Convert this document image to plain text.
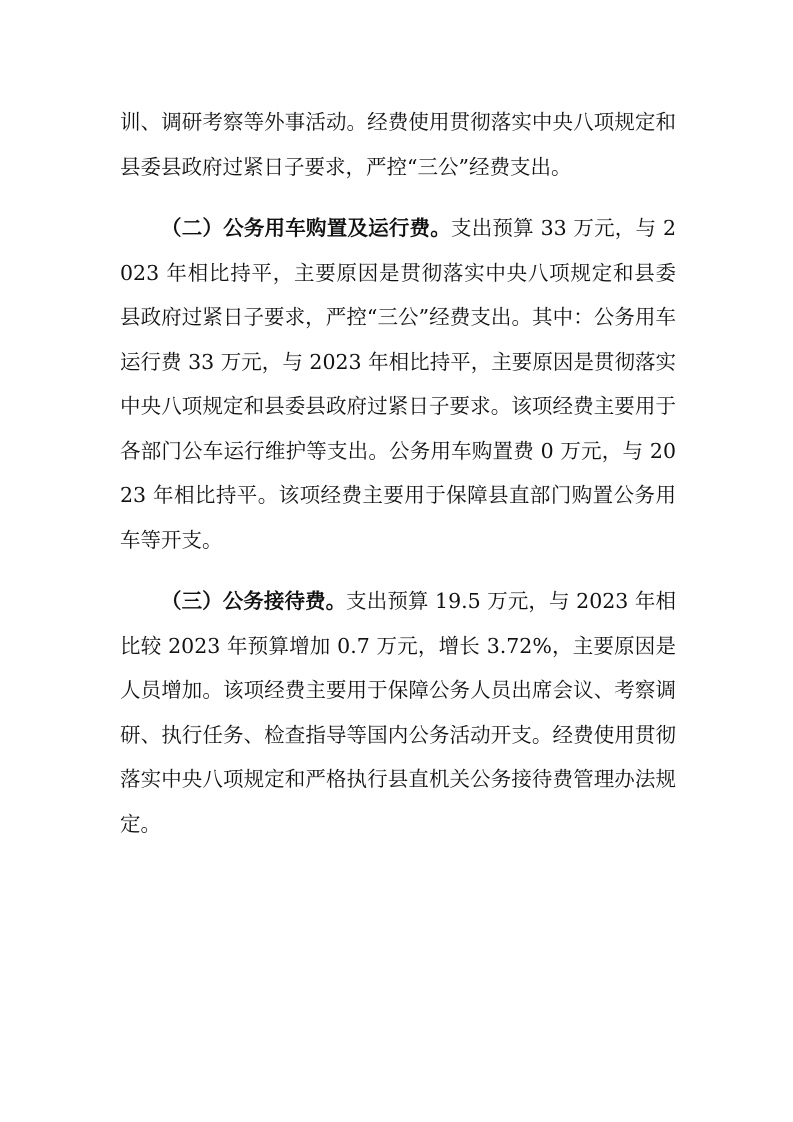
训、调研考察等外事活动。经费使用贯彻落实中央八项规定和县委县政府过紧日子要求，严控“三公”经费支出。

（二）公务用车购置及运行费。支出预算 33 万元，与 2023 年相比持平，主要原因是贯彻落实中央八项规定和县委县政府过紧日子要求，严控“三公”经费支出。其中：公务用车运行费 33 万元，与 2023 年相比持平，主要原因是贯彻落实中央八项规定和县委县政府过紧日子要求。该项经费主要用于各部门公车运行维护等支出。公务用车购置费 0 万元，与 2023 年相比持平。该项经费主要用于保障县直部门购置公务用车等开支。

（三）公务接待费。支出预算 19.5 万元，与 2023 年相比较 2023 年预算增加 0.7 万元，增长 3.72%，主要原因是人员增加。该项经费主要用于保障公务人员出席会议、考察调研、执行任务、检查指导等国内公务活动开支。经费使用贯彻落实中央八项规定和严格执行县直机关公务接待费管理办法规定。
